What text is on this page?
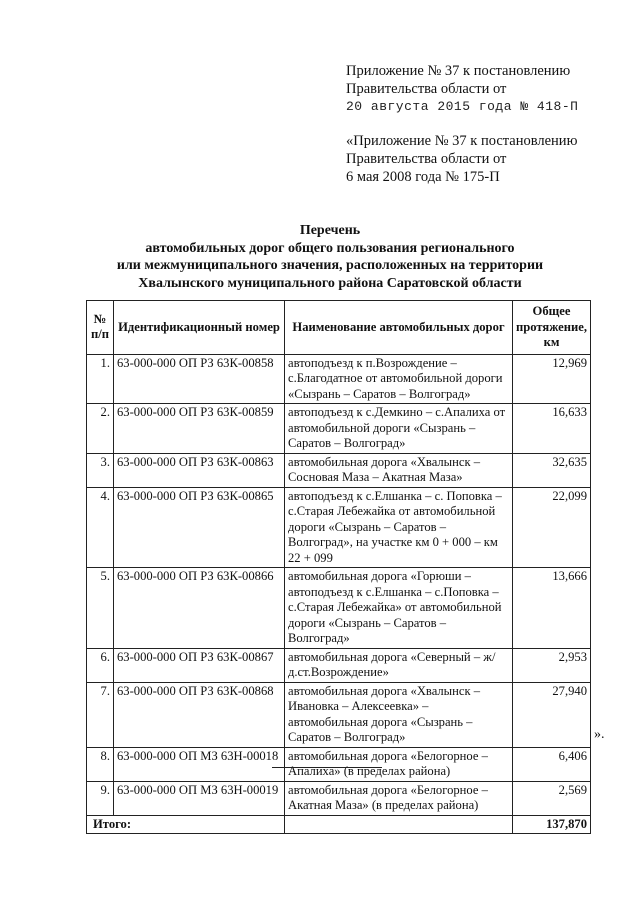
Приложение № 37 к постановлению
Правительства области от
20 августа 2015 года № 418-П
«Приложение № 37 к постановлению
Правительства области от
6 мая 2008 года № 175-П
Перечень
автомобильных дорог общего пользования регионального
или межмуниципального значения, расположенных на территории
Хвалынского муниципального района Саратовской области
№ п/п	Идентификационный номер	Наименование автомобильных дорог	Общее протяжение, км
1.	63-000-000 ОП РЗ 63К-00858	автоподъезд к п.Возрождение – с.Благодатное от автомобильной дороги «Сызрань – Саратов – Волгоград»	12,969
2.	63-000-000 ОП РЗ 63К-00859	автоподъезд к с.Демкино – с.Апалиха от автомобильной дороги «Сызрань – Саратов – Волгоград»	16,633
3.	63-000-000 ОП РЗ 63К-00863	автомобильная дорога «Хвалынск – Сосновая Маза – Акатная Маза»	32,635
4.	63-000-000 ОП РЗ 63К-00865	автоподъезд к с.Елшанка – с. Поповка – с.Старая Лебежайка от автомобильной дороги «Сызрань – Саратов – Волгоград», на участке км 0 + 000 – км 22 + 099	22,099
5.	63-000-000 ОП РЗ 63К-00866	автомобильная дорога «Горюши – автоподъезд к с.Елшанка – с.Поповка – с.Старая Лебежайка» от автомобильной дороги «Сызрань – Саратов – Волгоград»	13,666
6.	63-000-000 ОП РЗ 63К-00867	автомобильная дорога «Северный – ж/д.ст.Возрождение»	2,953
7.	63-000-000 ОП РЗ 63К-00868	автомобильная дорога «Хвалынск – Ивановка – Алексеевка» – автомобильная дорога «Сызрань – Саратов – Волгоград»	27,940
8.	63-000-000 ОП МЗ 63Н-00018	автомобильная дорога «Белогорное – Апалиха» (в пределах района)	6,406
9.	63-000-000 ОП МЗ 63Н-00019	автомобильная дорога «Белогорное – Акатная Маза» (в пределах района)	2,569
Итого:			137,870
».
